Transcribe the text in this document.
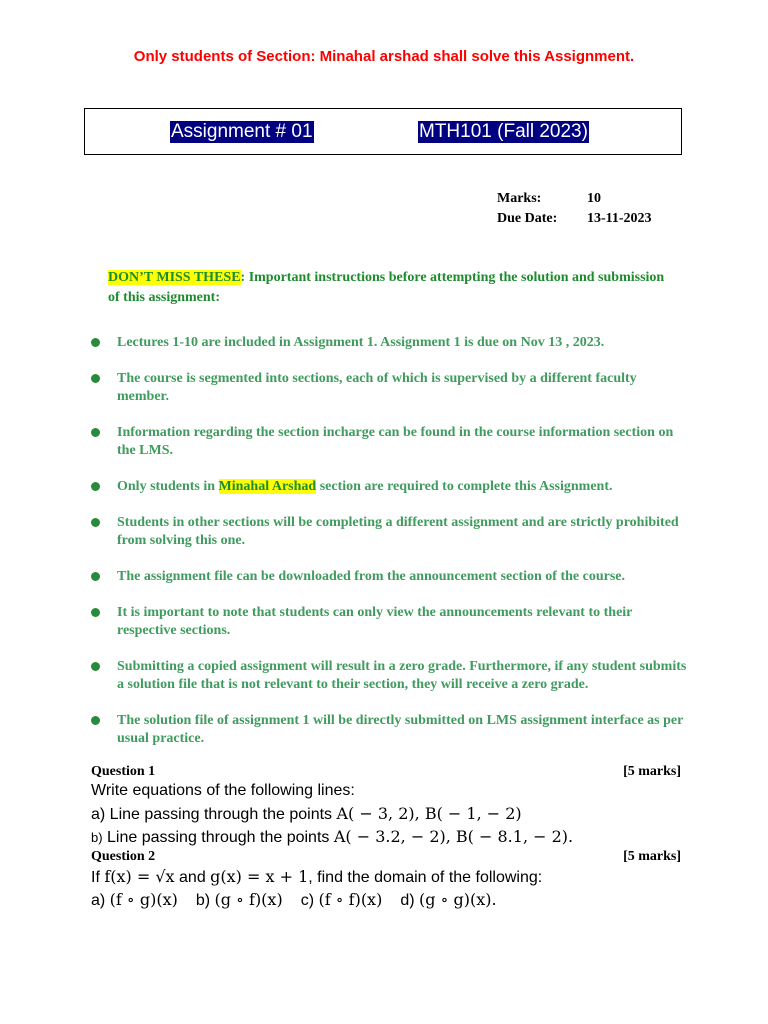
Only students of Section: Minahal arshad shall solve this Assignment.
Assignment # 01	MTH101 (Fall 2023)
Marks:	10
Due Date: 13-11-2023
DON’T MISS THESE: Important instructions before attempting the solution and submission of this assignment:
Lectures 1-10 are included in Assignment 1. Assignment 1 is due on Nov 13 , 2023.
The course is segmented into sections, each of which is supervised by a different faculty member.
Information regarding the section incharge can be found in the course information section on the LMS.
Only students in Minahal Arshad section are required to complete this Assignment.
Students in other sections will be completing a different assignment and are strictly prohibited from solving this one.
The assignment file can be downloaded from the announcement section of the course.
It is important to note that students can only view the announcements relevant to their respective sections.
Submitting a copied assignment will result in a zero grade. Furthermore, if any student submits a solution file that is not relevant to their section, they will receive a zero grade.
The solution file of assignment 1 will be directly submitted on LMS assignment interface as per usual practice.
Question 1	[5 marks]
Write equations of the following lines:
a) Line passing through the points A( − 3, 2), B( − 1, − 2)
b) Line passing through the points A( − 3.2, − 2), B( − 8.1, − 2).
Question 2	[5 marks]
If f(x) = √x and g(x) = x + 1, find the domain of the following:
a) (f ∘ g)(x) b) (g ∘ f)(x) c) (f ∘ f)(x) d) (g ∘ g)(x).
